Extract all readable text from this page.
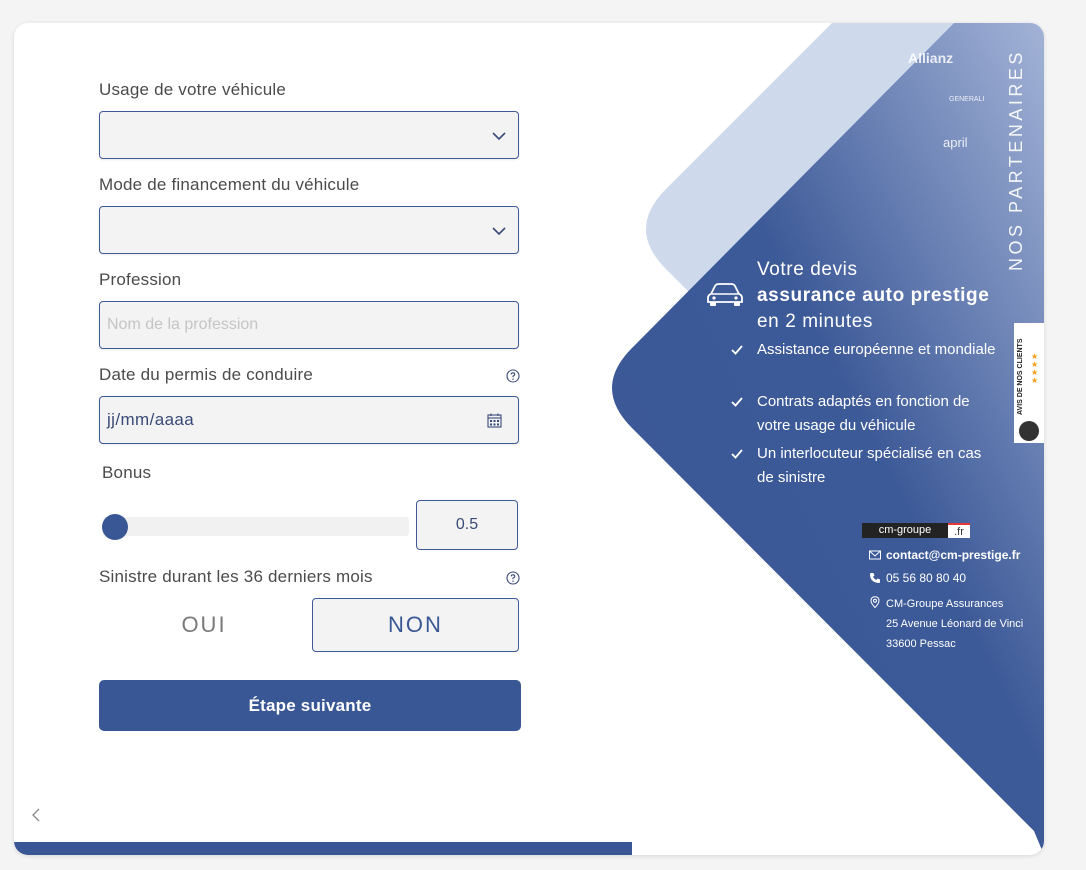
Usage de votre véhicule
Mode de financement du véhicule
Profession
Nom de la profession
Date du permis de conduire
jj/mm/aaaa
Bonus
0.5
Sinistre durant les 36 derniers mois
OUI	NON
Étape suivante
Allianz
GENERALI
april NOS PARTENAIRES
AVIS DE NOS CLIENTS ★
★
★
★
Votre devis
assurance auto prestige en 2 minutes
Assistance européenne et mondiale
Contrats adaptés en fonction de votre usage du véhicule
Un interlocuteur spécialisé en cas de sinistre
cm-groupe	.fr
contact@cm-prestige.fr
05 56 80 80 40
CM-Groupe Assurances
25 Avenue Léonard de Vinci
33600 Pessac
